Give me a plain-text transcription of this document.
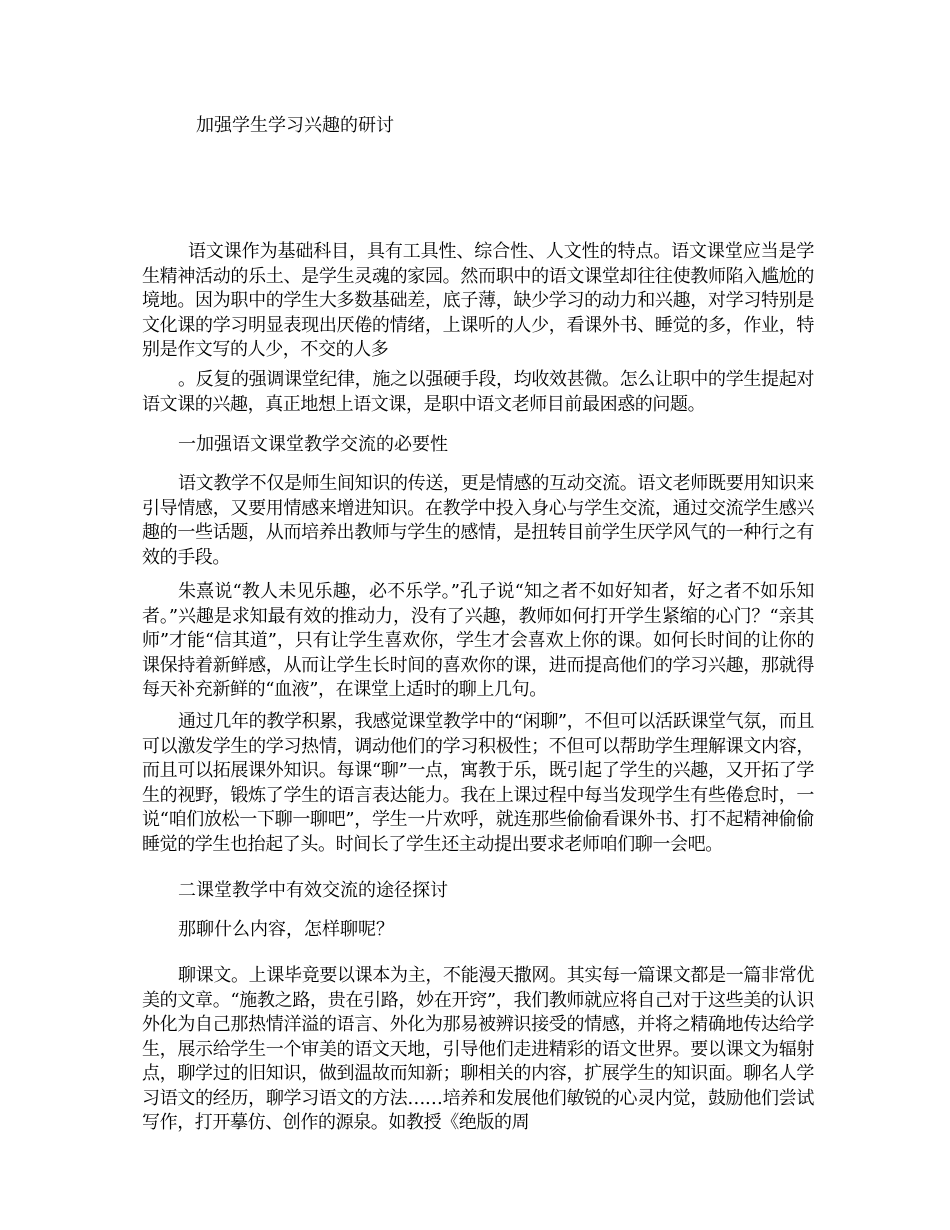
加强学生学习兴趣的研讨

语文课作为基础科目，具有工具性、综合性、人文性的特点。语文课堂应当是学生精神活动的乐土、是学生灵魂的家园。然而职中的语文课堂却往往使教师陷入尴尬的境地。因为职中的学生大多数基础差，底子薄，缺少学习的动力和兴趣，对学习特别是文化课的学习明显表现出厌倦的情绪，上课听的人少，看课外书、睡觉的多，作业，特别是作文写的人少，不交的人多

。反复的强调课堂纪律，施之以强硬手段，均收效甚微。怎么让职中的学生提起对语文课的兴趣，真正地想上语文课，是职中语文老师目前最困惑的问题。

一加强语文课堂教学交流的必要性

语文教学不仅是师生间知识的传送，更是情感的互动交流。语文老师既要用知识来引导情感，又要用情感来增进知识。在教学中投入身心与学生交流，通过交流学生感兴趣的一些话题，从而培养出教师与学生的感情，是扭转目前学生厌学风气的一种行之有效的手段。

朱熹说“教人未见乐趣，必不乐学。”孔子说“知之者不如好知者，好之者不如乐知者。”兴趣是求知最有效的推动力，没有了兴趣，教师如何打开学生紧缩的心门？“亲其师”才能“信其道”，只有让学生喜欢你，学生才会喜欢上你的课。如何长时间的让你的课保持着新鲜感，从而让学生长时间的喜欢你的课，进而提高他们的学习兴趣，那就得每天补充新鲜的“血液”，在课堂上适时的聊上几句。

通过几年的教学积累，我感觉课堂教学中的“闲聊”，不但可以活跃课堂气氛，而且可以激发学生的学习热情，调动他们的学习积极性；不但可以帮助学生理解课文内容，而且可以拓展课外知识。每课“聊”一点，寓教于乐，既引起了学生的兴趣，又开拓了学生的视野，锻炼了学生的语言表达能力。我在上课过程中每当发现学生有些倦怠时，一说“咱们放松一下聊一聊吧”，学生一片欢呼，就连那些偷偷看课外书、打不起精神偷偷睡觉的学生也抬起了头。时间长了学生还主动提出要求老师咱们聊一会吧。

二课堂教学中有效交流的途径探讨

那聊什么内容，怎样聊呢？

聊课文。上课毕竟要以课本为主，不能漫天撒网。其实每一篇课文都是一篇非常优美的文章。“施教之路，贵在引路，妙在开窍”，我们教师就应将自己对于这些美的认识外化为自己那热情洋溢的语言、外化为那易被辨识接受的情感，并将之精确地传达给学生，展示给学生一个审美的语文天地，引导他们走进精彩的语文世界。要以课文为辐射点，聊学过的旧知识，做到温故而知新；聊相关的内容，扩展学生的知识面。聊名人学习语文的经历，聊学习语文的方法……培养和发展他们敏锐的心灵内觉，鼓励他们尝试写作，打开摹仿、创作的源泉。如教授《绝版的周
